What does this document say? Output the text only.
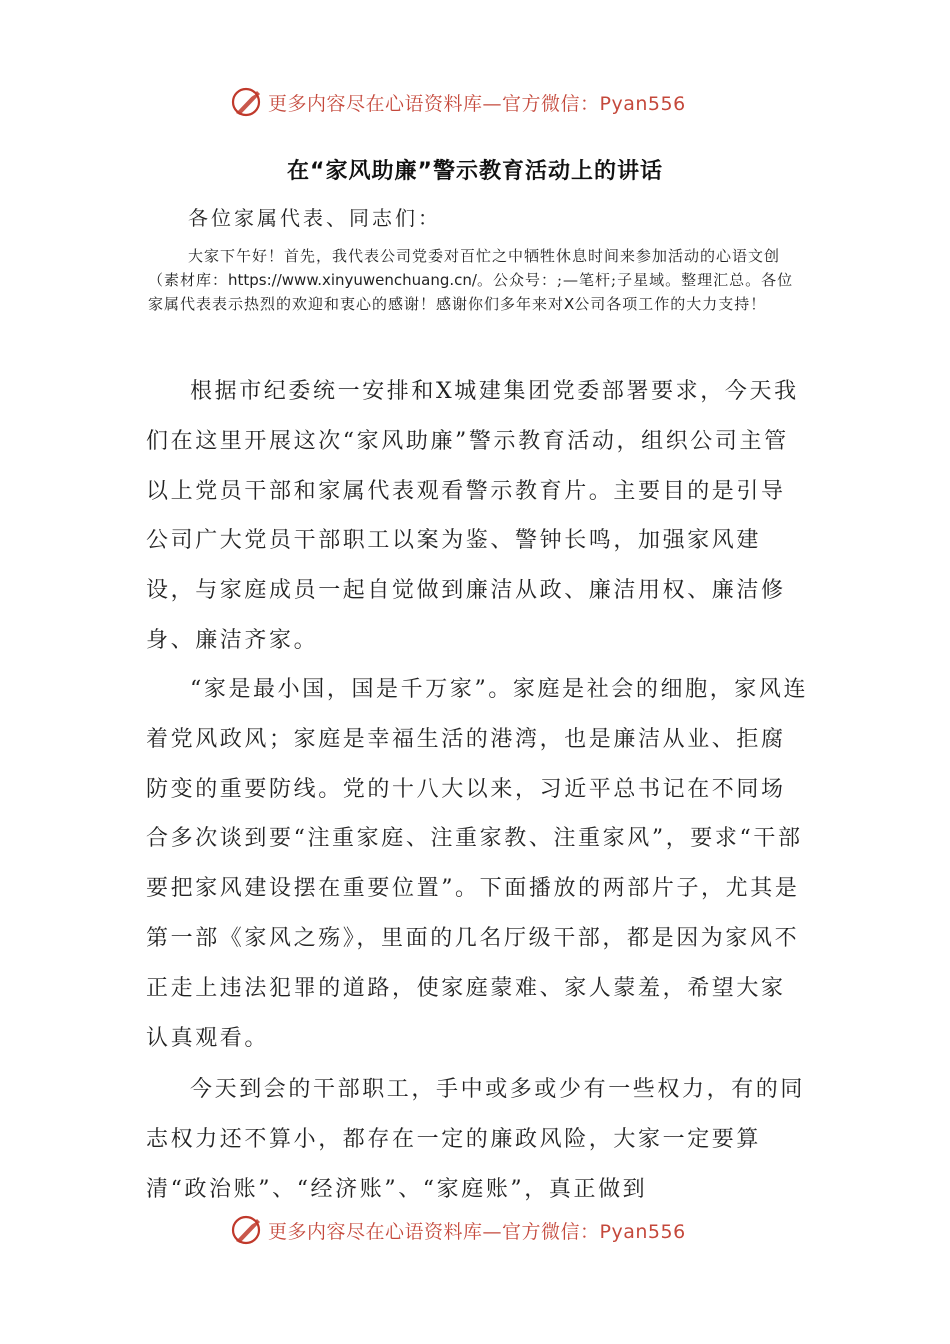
更多内容尽在心语资料库—官方微信：Pyan556
在“家风助廉”警示教育活动上的讲话
各位家属代表、同志们：
大家下午好！首先，我代表公司党委对百忙之中牺牲休息时间来参加活动的心语文创（素材库：https://www.xinyuwenchuang.cn/。公众号：;—笔杆;子星域。整理汇总。各位家属代表表示热烈的欢迎和衷心的感谢！感谢你们多年来对X公司各项工作的大力支持！

根据市纪委统一安排和X城建集团党委部署要求，今天我们在这里开展这次“家风助廉”警示教育活动，组织公司主管以上党员干部和家属代表观看警示教育片。主要目的是引导公司广大党员干部职工以案为鉴、警钟长鸣，加强家风建设，与家庭成员一起自觉做到廉洁从政、廉洁用权、廉洁修身、廉洁齐家。

“家是最小国，国是千万家”。家庭是社会的细胞，家风连着党风政风；家庭是幸福生活的港湾，也是廉洁从业、拒腐防变的重要防线。党的十八大以来，习近平总书记在不同场合多次谈到要“注重家庭、注重家教、注重家风”，要求“干部要把家风建设摆在重要位置”。下面播放的两部片子，尤其是第一部《家风之殇》，里面的几名厅级干部，都是因为家风不正走上违法犯罪的道路，使家庭蒙难、家人蒙羞，希望大家认真观看。

今天到会的干部职工，手中或多或少有一些权力，有的同志权力还不算小，都存在一定的廉政风险，大家一定要算清“政治账”、“经济账”、“家庭账”，真正做到

更多内容尽在心语资料库—官方微信：Pyan556
